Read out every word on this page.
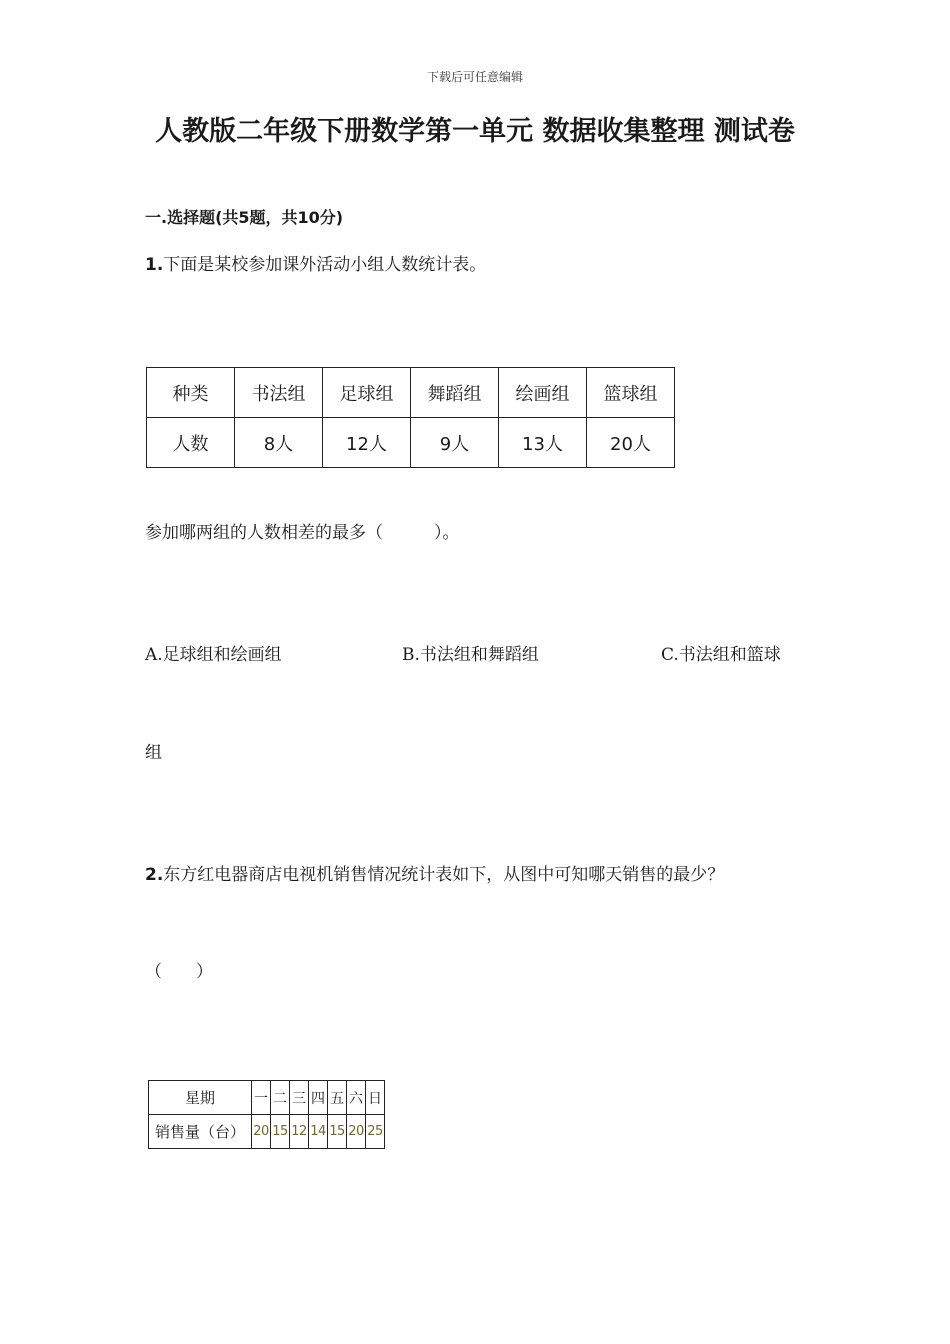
下载后可任意编辑
人教版二年级下册数学第一单元 数据收集整理 测试卷
一.选择题(共5题，共10分)
1.下面是某校参加课外活动小组人数统计表。
种类	书法组	足球组	舞蹈组	绘画组	篮球组
人数	8人	12人	9人	13人	20人
参加哪两组的人数相差的最多（　　　）。
A.足球组和绘画组	B.书法组和舞蹈组	C.书法组和篮球
组
2.东方红电器商店电视机销售情况统计表如下，从图中可知哪天销售的最少？
（　　）
星期	一	二	三	四	五	六	日
销售量（台）	20	15	12	14	15	20	25
